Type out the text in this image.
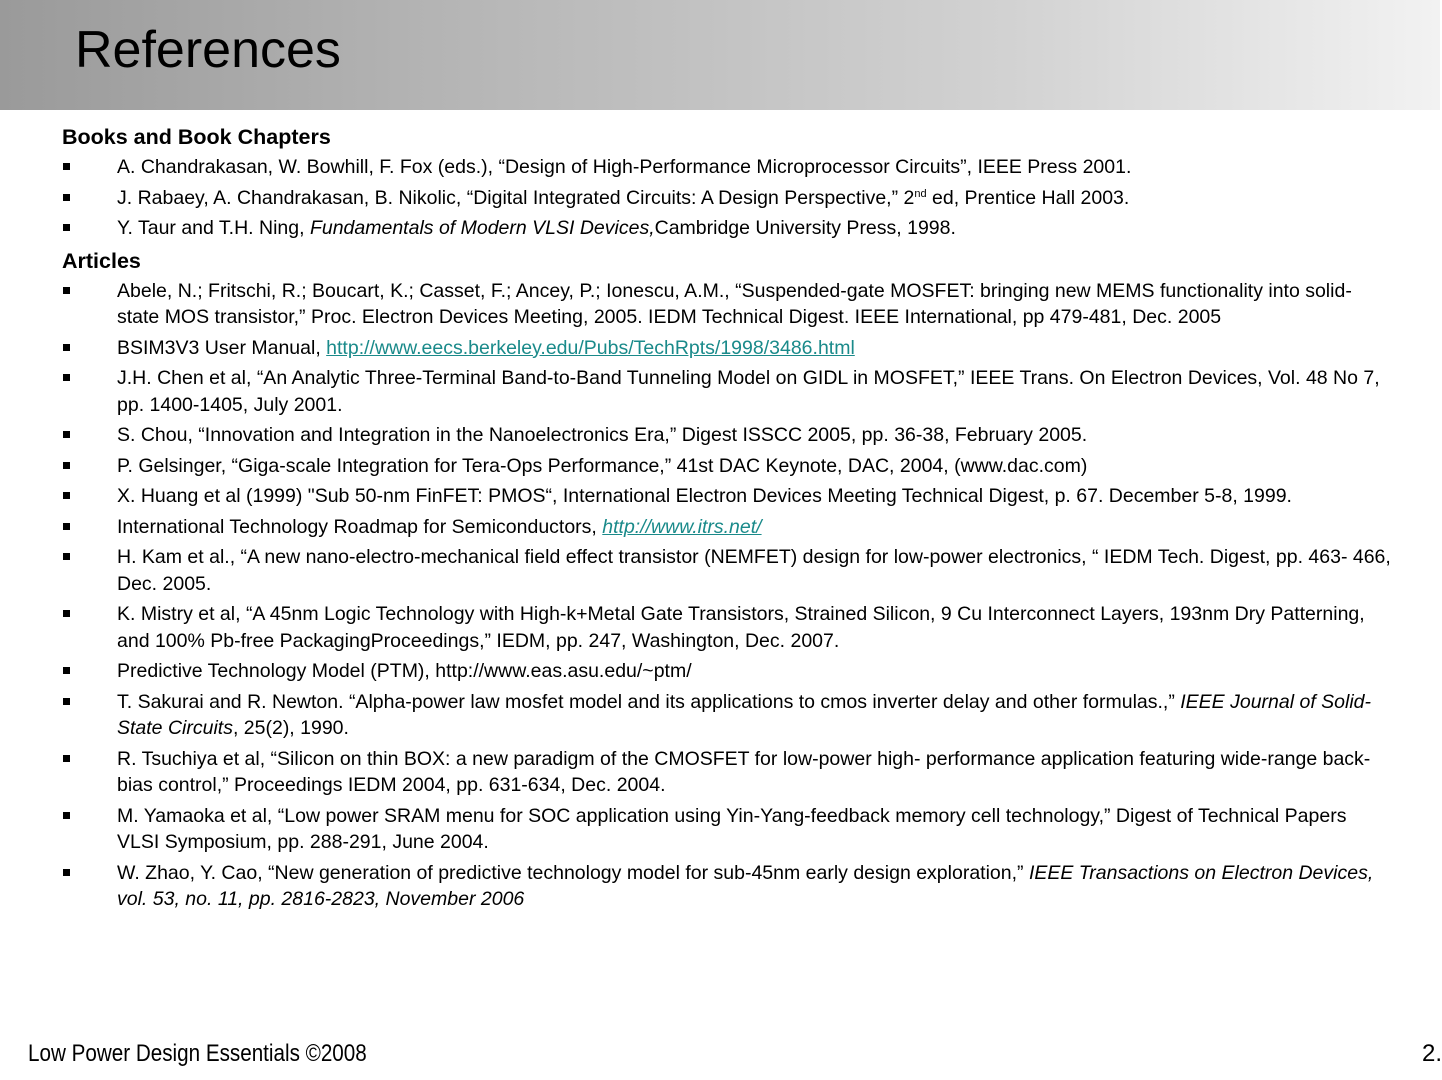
References
Books and Book Chapters
A. Chandrakasan, W. Bowhill, F. Fox (eds.), “Design of High-Performance Microprocessor Circuits”, IEEE Press 2001.
J. Rabaey, A. Chandrakasan, B. Nikolic, “Digital Integrated Circuits: A Design Perspective,” 2nd ed, Prentice Hall 2003.
Y. Taur and T.H. Ning, Fundamentals of Modern VLSI Devices,Cambridge University Press, 1998.
Articles
Abele, N.; Fritschi, R.; Boucart, K.; Casset, F.; Ancey, P.; Ionescu, A.M., “Suspended-gate MOSFET: bringing new MEMS functionality into solid-state MOS transistor,” Proc. Electron Devices Meeting, 2005. IEDM Technical Digest. IEEE International, pp 479-481, Dec. 2005
BSIM3V3 User Manual, http://www.eecs.berkeley.edu/Pubs/TechRpts/1998/3486.html
J.H. Chen et al, “An Analytic Three-Terminal Band-to-Band Tunneling Model on GIDL in MOSFET,” IEEE Trans. On Electron Devices, Vol. 48 No 7, pp. 1400-1405, July 2001.
S. Chou, “Innovation and Integration in the Nanoelectronics Era,” Digest ISSCC 2005, pp. 36-38, February 2005.
P. Gelsinger, “Giga-scale Integration for Tera-Ops Performance,” 41st DAC Keynote, DAC, 2004, (www.dac.com)
X. Huang et al (1999) "Sub 50-nm FinFET: PMOS“, International Electron Devices Meeting Technical Digest, p. 67. December 5-8, 1999.
International Technology Roadmap for Semiconductors, http://www.itrs.net/
H. Kam et al., “A new nano-electro-mechanical field effect transistor (NEMFET) design for low-power electronics, “ IEDM Tech. Digest, pp. 463- 466, Dec. 2005.
K. Mistry et al, “A 45nm Logic Technology with High-k+Metal Gate Transistors, Strained Silicon, 9 Cu Interconnect Layers, 193nm Dry Patterning, and 100% Pb-free PackagingProceedings,” IEDM, pp. 247, Washington, Dec. 2007.
Predictive Technology Model (PTM), http://www.eas.asu.edu/~ptm/
T. Sakurai and R. Newton. “Alpha-power law mosfet model and its applications to cmos inverter delay and other formulas.,” IEEE Journal of Solid-State Circuits, 25(2), 1990.
R. Tsuchiya et al, “Silicon on thin BOX: a new paradigm of the CMOSFET for low-power high- performance application featuring wide-range back-bias control,” Proceedings IEDM 2004, pp. 631-634, Dec. 2004.
M. Yamaoka et al, “Low power SRAM menu for SOC application using Yin-Yang-feedback memory cell technology,” Digest of Technical Papers VLSI Symposium, pp. 288-291, June 2004.
W. Zhao, Y. Cao, “New generation of predictive technology model for sub-45nm early design exploration,” IEEE Transactions on Electron Devices, vol. 53, no. 11, pp. 2816-2823, November 2006
Low Power Design Essentials ©2008	2.
